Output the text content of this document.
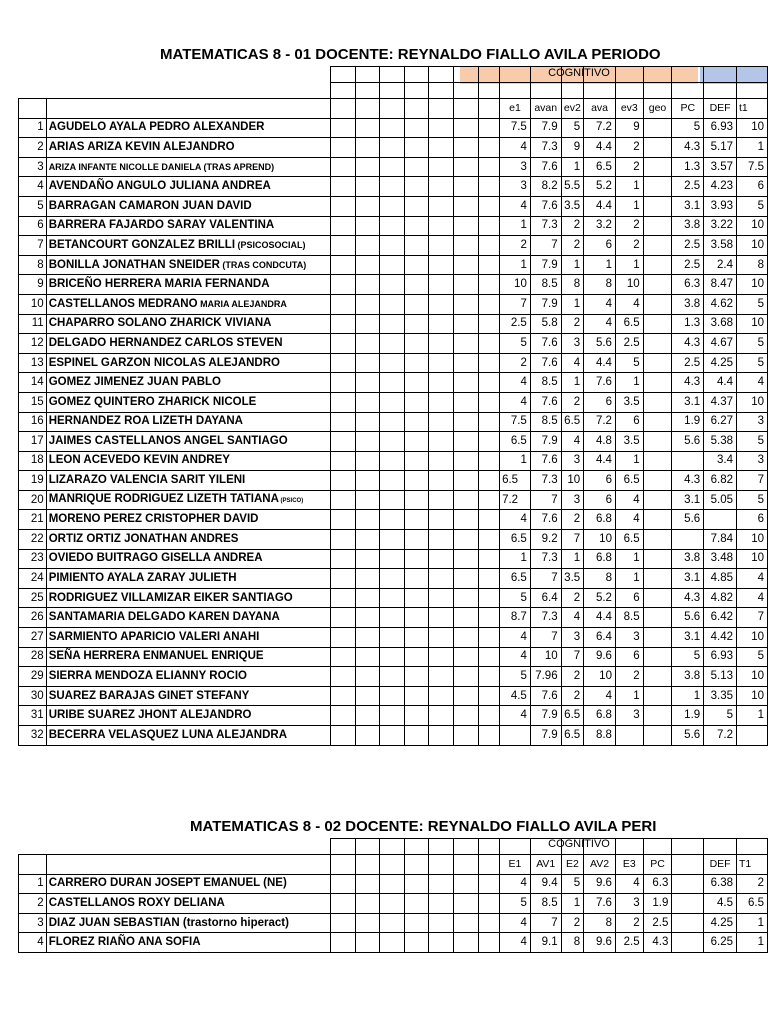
MATEMATICAS 8 - 01 DOCENTE: REYNALDO FIALLO AVILA PERIODO
COGNITIVO

									e1	avan	ev2	ava	ev3	geo	PC	DEF	t1
1	AGUDELO AYALA PEDRO ALEXANDER								7.5	7.9	5	7.2	9		5	6.93	10
2	ARIAS ARIZA KEVIN ALEJANDRO								4	7.3	9	4.4	2		4.3	5.17	1
3	ARIZA INFANTE NICOLLE DANIELA (TRAS APREND)								3	7.6	1	6.5	2		1.3	3.57	7.5
4	AVENDAÑO ANGULO JULIANA ANDREA								3	8.2	5.5	5.2	1		2.5	4.23	6
5	BARRAGAN CAMARON JUAN DAVID								4	7.6	3.5	4.4	1		3.1	3.93	5
6	BARRERA FAJARDO SARAY VALENTINA								1	7.3	2	3.2	2		3.8	3.22	10
7	BETANCOURT GONZALEZ BRILLI (PSICOSOCIAL)								2	7	2	6	2		2.5	3.58	10
8	BONILLA JONATHAN SNEIDER (TRAS CONDCUTA)								1	7.9	1	1	1		2.5	2.4	8
9	BRICEÑO HERRERA MARIA FERNANDA								10	8.5	8	8	10		6.3	8.47	10
10	CASTELLANOS MEDRANO MARIA ALEJANDRA								7	7.9	1	4	4		3.8	4.62	5
11	CHAPARRO SOLANO ZHARICK VIVIANA								2.5	5.8	2	4	6.5		1.3	3.68	10
12	DELGADO HERNANDEZ CARLOS STEVEN								5	7.6	3	5.6	2.5		4.3	4.67	5
13	ESPINEL GARZON NICOLAS ALEJANDRO								2	7.6	4	4.4	5		2.5	4.25	5
14	GOMEZ JIMENEZ JUAN PABLO								4	8.5	1	7.6	1		4.3	4.4	4
15	GOMEZ QUINTERO ZHARICK NICOLE								4	7.6	2	6	3.5		3.1	4.37	10
16	HERNANDEZ ROA LIZETH DAYANA								7.5	8.5	6.5	7.2	6		1.9	6.27	3
17	JAIMES CASTELLANOS ANGEL SANTIAGO								6.5	7.9	4	4.8	3.5		5.6	5.38	5
18	LEON ACEVEDO KEVIN ANDREY								1	7.6	3	4.4	1			3.4	3
19	LIZARAZO VALENCIA SARIT YILENI								6.5	7.3	10	6	6.5		4.3	6.82	7
20	MANRIQUE RODRIGUEZ LIZETH TATIANA (PSICO)								7.2	7	3	6	4		3.1	5.05	5
21	MORENO PEREZ CRISTOPHER DAVID								4	7.6	2	6.8	4		5.6		6
22	ORTIZ ORTIZ JONATHAN ANDRES								6.5	9.2	7	10	6.5			7.84	10
23	OVIEDO BUITRAGO GISELLA ANDREA								1	7.3	1	6.8	1		3.8	3.48	10
24	PIMIENTO AYALA ZARAY JULIETH								6.5	7	3.5	8	1		3.1	4.85	4
25	RODRIGUEZ VILLAMIZAR EIKER SANTIAGO								5	6.4	2	5.2	6		4.3	4.82	4
26	SANTAMARIA DELGADO KAREN DAYANA								8.7	7.3	4	4.4	8.5		5.6	6.42	7
27	SARMIENTO APARICIO VALERI ANAHI								4	7	3	6.4	3		3.1	4.42	10
28	SEÑA HERRERA ENMANUEL ENRIQUE								4	10	7	9.6	6		5	6.93	5
29	SIERRA MENDOZA ELIANNY ROCIO								5	7.96	2	10	2		3.8	5.13	10
30	SUAREZ BARAJAS GINET STEFANY								4.5	7.6	2	4	1		1	3.35	10
31	URIBE SUAREZ JHONT ALEJANDRO								4	7.9	6.5	6.8	3		1.9	5	1
32	BECERRA VELASQUEZ LUNA ALEJANDRA									7.9	6.5	8.8			5.6	7.2	
MATEMATICAS 8 - 02 DOCENTE: REYNALDO FIALLO AVILA PERI
COGNITIVO

									E1	AV1	E2	AV2	E3	PC		DEF	T1
1	CARRERO DURAN JOSEPT EMANUEL (NE)								4	9.4	5	9.6	4	6.3		6.38	2
2	CASTELLANOS ROXY DELIANA								5	8.5	1	7.6	3	1.9		4.5	6.5
3	DIAZ JUAN SEBASTIAN (trastorno hiperact)								4	7	2	8	2	2.5		4.25	1
4	FLOREZ RIAÑO ANA SOFIA								4	9.1	8	9.6	2.5	4.3		6.25	1
